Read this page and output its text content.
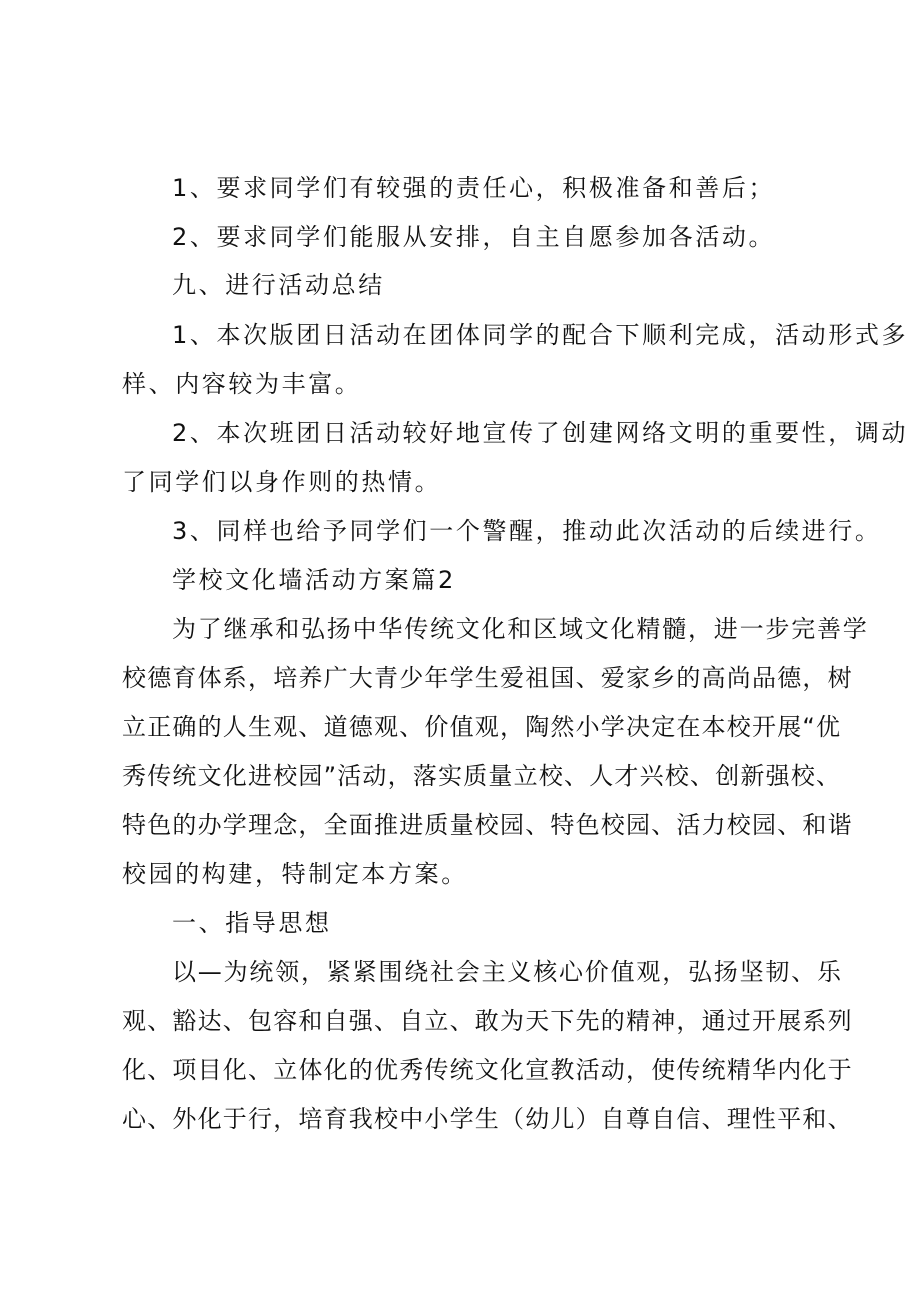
1、要求同学们有较强的责任心，积极准备和善后；
2、要求同学们能服从安排，自主自愿参加各活动。
九、进行活动总结
1、本次版团日活动在团体同学的配合下顺利完成，活动形式多
样、内容较为丰富。
2、本次班团日活动较好地宣传了创建网络文明的重要性，调动
了同学们以身作则的热情。
3、同样也给予同学们一个警醒，推动此次活动的后续进行。
学校文化墙活动方案篇2
为了继承和弘扬中华传统文化和区域文化精髓，进一步完善学
校德育体系，培养广大青少年学生爱祖国、爱家乡的高尚品德，树
立正确的人生观、道德观、价值观，陶然小学决定在本校开展“优
秀传统文化进校园”活动，落实质量立校、人才兴校、创新强校、
特色的办学理念，全面推进质量校园、特色校园、活力校园、和谐
校园的构建，特制定本方案。
一、指导思想
以—为统领，紧紧围绕社会主义核心价值观，弘扬坚韧、乐
观、豁达、包容和自强、自立、敢为天下先的精神，通过开展系列
化、项目化、立体化的优秀传统文化宣教活动，使传统精华内化于
心、外化于行，培育我校中小学生（幼儿）自尊自信、理性平和、
